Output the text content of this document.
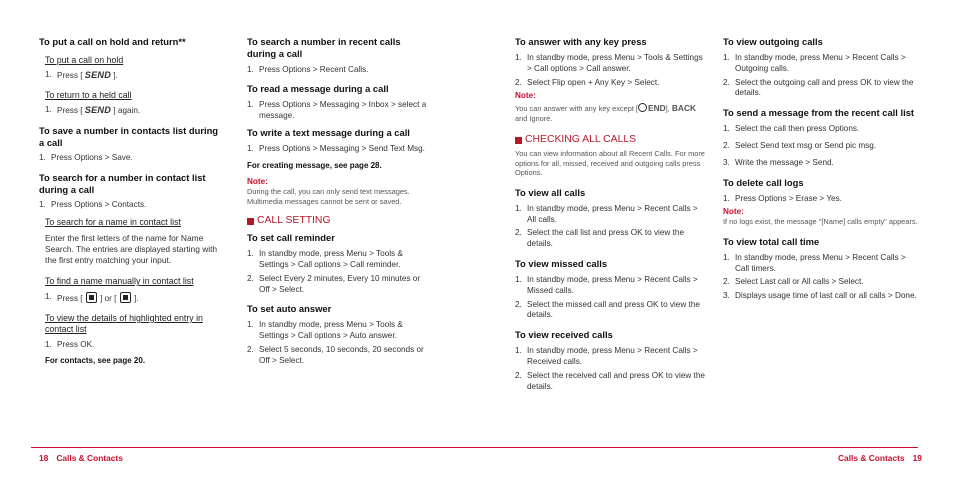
To put a call on hold and return**

To put a call on hold

1. Press [ SEND ].

To return to a held call

1. Press [ SEND ] again.

To save a number in contacts list during a call

1. Press Options > Save.

To search for a number in contact list during a call

1. Press Options > Contacts.

To search for a name in contact list

Enter the first letters of the name for Name Search. The entries are displayed starting with the first entry matching your input.

To find a name manually in contact list

1. Press [ ] or [ ].

To view the details of highlighted entry in contact list

1. Press OK.

For contacts, see page 20.

To search a number in recent calls during a call

1. Press Options > Recent Calls.

To read a message during a call

1. Press Options > Messaging > Inbox > select a message.

To write a text message during a call

1. Press Options > Messaging > Send Text Msg.

For creating message, see page 28.

Note:

During the call, you can only send text messages. Multimedia messages cannot be sent or saved.

CALL SETTING

To set call reminder

1. In standby mode, press Menu > Tools & Settings > Call options > Call reminder.
2. Select Every 2 minutes, Every 10 minutes or Off > Select.

To set auto answer

1. In standby mode, press Menu > Tools & Settings > Call options > Auto answer.
2. Select 5 seconds, 10 seconds, 20 seconds or Off > Select.

To answer with any key press

1. In standby mode, press Menu > Tools & Settings > Call options > Call answer.
2. Select Flip open + Any Key > Select.

Note:

You can answer with any key except [ END], BACK
and Ignore.

CHECKING ALL CALLS

You can view information about all Recent Calls. For more options for all, missed, received and outgoing calls press Options.

To view all calls

1. In standby mode, press Menu > Recent Calls > All calls.
2. Select the call list and press OK to view the details.

To view missed calls

1. In standby mode, press Menu > Recent Calls > Missed calls.
2. Select the missed call and press OK to view the details.

To view received calls

1. In standby mode, press Menu > Recent Calls > Received calls.
2. Select the received call and press OK to view the details.

To view outgoing calls

1. In standby mode, press Menu > Recent Calls > Outgoing calls.
2. Select the outgoing call and press OK to view the details.

To send a message from the recent call list

1. Select the call then press Options.
2. Select Send text msg or Send pic msg.
3. Write the message > Send.

To delete call logs

1. Press Options > Erase > Yes.

Note:

If no logs exist, the message "[Name] calls empty" appears.

To view total call time

1. In standby mode, press Menu > Recent Calls > Call timers.
2. Select Last call or All calls > Select.
3. Displays usage time of last call or all calls > Done.
18 Calls & Contacts	Calls & Contacts 19
